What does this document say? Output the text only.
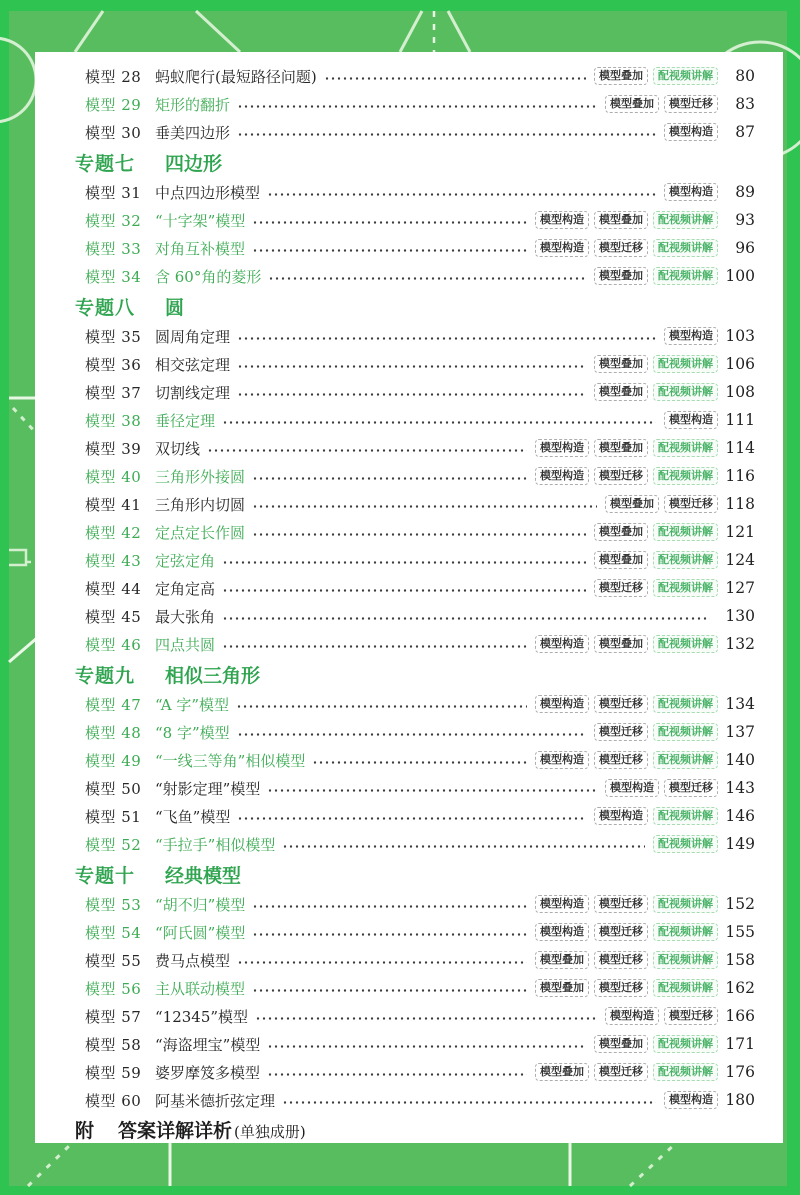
模型 28 蚂蚁爬行(最短路径问题)	模型叠加	配视频讲解	80
模型 29 矩形的翻折	模型叠加	模型迁移	83
模型 30 垂美四边形	模型构造	87
专题七 四边形
模型 31 中点四边形模型	模型构造	89
模型 32 “十字架”模型	模型构造	模型叠加	配视频讲解	93
模型 33 对角互补模型	模型构造	模型迁移	配视频讲解	96
模型 34 含 60°角的菱形	模型叠加	配视频讲解 100
专题八 圆
模型 35 圆周角定理	模型构造 103
模型 36 相交弦定理	模型叠加	配视频讲解 106
模型 37 切割线定理	模型叠加	配视频讲解 108
模型 38 垂径定理	模型构造 111
模型 39 双切线	模型构造	模型叠加	配视频讲解 114
模型 40 三角形外接圆	模型构造	模型迁移	配视频讲解 116
模型 41 三角形内切圆	模型叠加	模型迁移 118
模型 42 定点定长作圆	模型叠加	配视频讲解 121
模型 43 定弦定角	模型叠加	配视频讲解 124
模型 44 定角定高	模型迁移	配视频讲解 127
模型 45 最大张角	130
模型 46 四点共圆	模型构造	模型叠加	配视频讲解 132
专题九 相似三角形
模型 47 “A 字”模型	模型构造	模型迁移	配视频讲解 134
模型 48 “8 字”模型	模型迁移	配视频讲解 137
模型 49 “一线三等角”相似模型	模型构造	模型迁移	配视频讲解 140
模型 50 “射影定理”模型	模型构造	模型迁移 143
模型 51 “飞鱼”模型	模型构造	配视频讲解 146
模型 52 “手拉手”相似模型	配视频讲解 149
专题十 经典模型
模型 53 “胡不归”模型	模型构造	模型迁移	配视频讲解 152
模型 54 “阿氏圆”模型	模型构造	模型迁移	配视频讲解 155
模型 55 费马点模型	模型叠加	模型迁移	配视频讲解 158
模型 56 主从联动模型	模型叠加	模型迁移	配视频讲解 162
模型 57 “12345”模型	模型构造	模型迁移 166
模型 58 “海盗埋宝”模型	模型叠加	配视频讲解 171
模型 59 婆罗摩笈多模型	模型叠加	模型迁移	配视频讲解 176
模型 60 阿基米德折弦定理	模型构造 180
附 答案详解详析 (单独成册)
